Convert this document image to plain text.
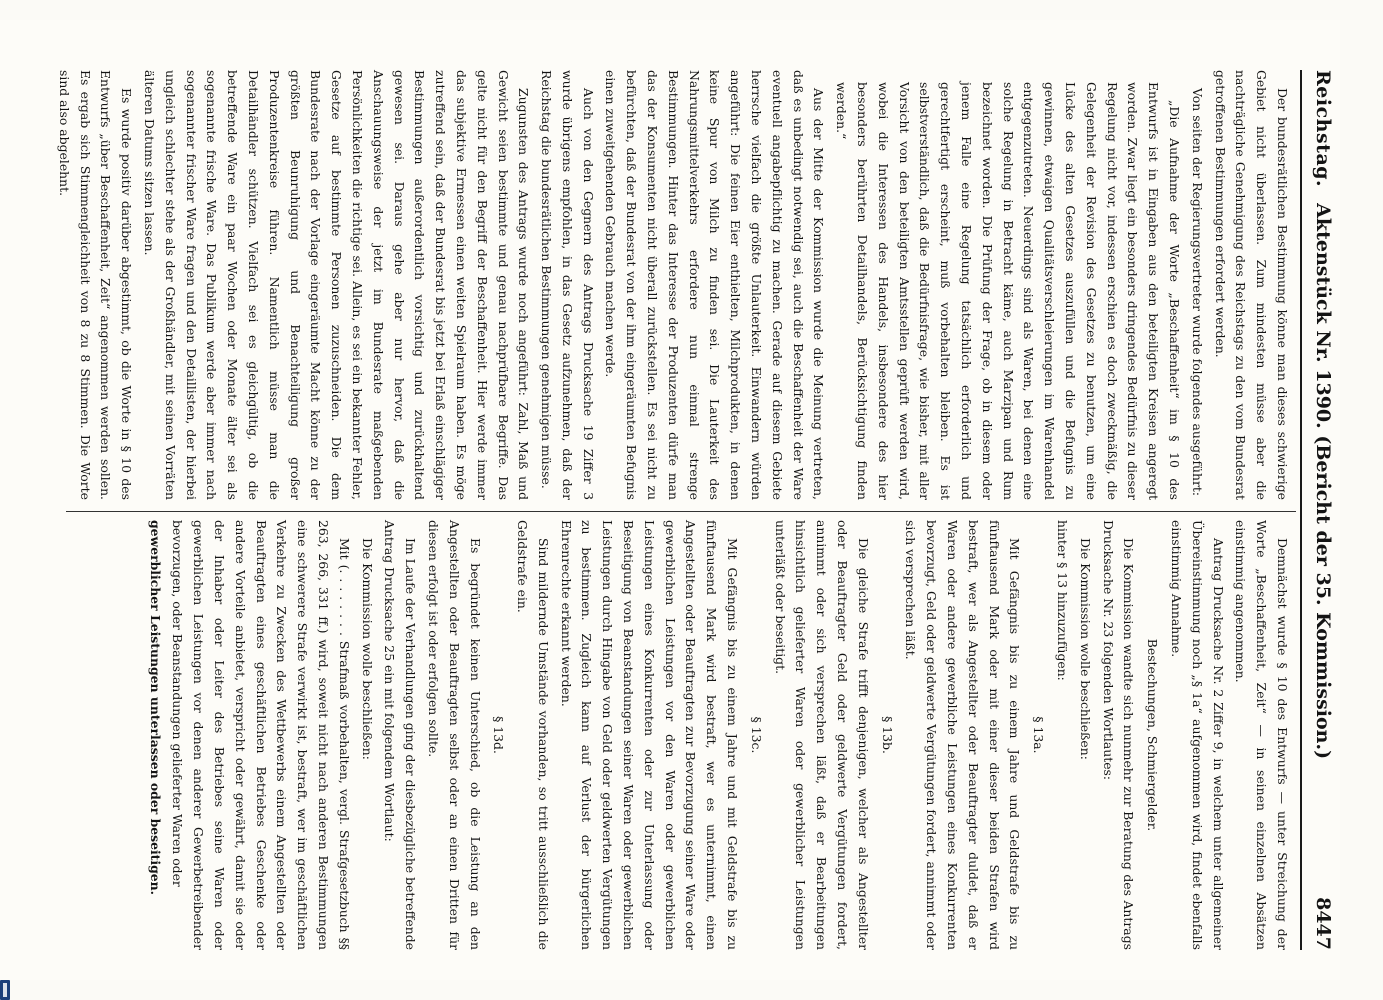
Reichstag.
Aktenstück Nr. 1390. (Bericht der 35. Kommission.)
8447

Der bundesrätlichen Bestimmung könne man dieses schwierige Gebiet nicht überlassen. Zum mindesten müsse aber die nachträgliche Genehmigung des Reichstags zu den vom Bundesrat getroffenen Bestimmungen erfordert werden.

Von seiten der Regierungsvertreter wurde folgendes ausgeführt:

„Die Aufnahme der Worte „Beschaffenheit“ im § 10 des Entwurfs ist in Eingaben aus den beteiligten Kreisen angeregt worden. Zwar liegt ein besonders dringendes Bedürfnis zu dieser Regelung nicht vor, indessen erschien es doch zweckmäßig, die Gelegenheit der Revision des Gesetzes zu benutzen, um eine Lücke des alten Gesetzes auszufüllen und die Befugnis zu gewinnen, etwaigen Qualitätsverschleierungen im Warenhandel entgegenzutreten. Neuerdings sind als Waren, bei denen eine solche Regelung in Betracht käme, auch Marzipan und Rum bezeichnet worden. Die Prüfung der Frage, ob in diesem oder jenem Falle eine Regelung tatsächlich erforderlich und gerechtfertigt erscheint, muß vorbehalten bleiben. Es ist selbstverständlich, daß die Bedürfnisfrage, wie bisher, mit aller Vorsicht von den beteiligten Amtsstellen geprüft werden wird, wobei die Interessen des Handels, insbesondere des hier besonders berührten Detailhandels, Berücksichtigung finden werden.“

Aus der Mitte der Kommission wurde die Meinung vertreten, daß es unbedingt notwendig sei, auch die Beschaffenheit der Ware eventuell angabepflichtig zu machen. Gerade auf diesem Gebiete herrsche vielfach die größte Unlauterkeit. Einwandern würden angeführt: Die feinen Eier enthielten, Milchprodukten, in denen keine Spur von Milch zu finden sei. Die Lauterkeit des Nahrungsmittelverkehrs erfordere nun einmal strenge Bestimmungen. Hinter das Interesse der Produzenten dürfe man das der Konsumenten nicht überall zurückstellen. Es sei nicht zu befürchten, daß der Bundesrat von der ihm eingeräumten Befugnis einen zuweitgehenden Gebrauch machen werde.

Auch von den Gegnern des Antrags Drucksache 19 Ziffer 3 wurde übrigens empfohlen, in das Gesetz aufzunehmen, daß der Reichstag die bundesrätlichen Bestimmungen genehmigen müsse.

Zugunsten des Antrags wurde noch angeführt: Zahl, Maß und Gewicht seien bestimmte und genau nachprüfbare Begriffe. Das gelte nicht für den Begriff der Beschaffenheit. Hier werde immer das subjektive Ermessen einen weiten Spielraum haben. Es möge zutreffend sein, daß der Bundesrat bis jetzt bei Erlaß einschlägiger Bestimmungen außerordentlich vorsichtig und zurückhaltend gewesen sei. Daraus gehe aber nur hervor, daß die Anschauungsweise der jetzt im Bundesrate maßgebenden Persönlichkeiten die richtige sei. Allein, es sei ein bekannter Fehler, Gesetze auf bestimmte Personen zuzuschneiden. Die dem Bundesrate nach der Vorlage eingeräumte Macht könne zu der größten Beunruhigung und Benachteiligung großer Produzentenkreise führen. Namentlich müsse man die Detailhändler schützen. Vielfach sei es gleichgültig, ob die betreffende Ware ein paar Wochen oder Monate älter sei als sogenannte frische Ware. Das Publikum werde aber immer nach sogenannter frischer Ware fragen und den Detaillisten, der hierbei ungleich schlechter stehe als der Großhändler, mit seinen Vorräten älteren Datums sitzen lassen.

Es wurde positiv darüber abgestimmt, ob die Worte in § 10 des Entwurfs „über Beschaffenheit, Zeit“ angenommen werden sollen. Es ergab sich Stimmengleichheit von 8 zu 8 Stimmen. Die Worte sind also abgelehnt.

Demnächst wurde § 10 des Entwurfs — unter Streichung der Worte „Beschaffenheit, Zeit“ — in seinen einzelnen Absätzen einstimmig angenommen.

Antrag Drucksache Nr. 2 Ziffer 9, in welchem unter allgemeiner Übereinstimmung noch „§ 1a“ aufgenommen wird, findet ebenfalls einstimmig Annahme.

Bestechungen, Schmiergelder.

Die Kommission wandte sich nunmehr zur Beratung des Antrags Drucksache Nr. 23 folgenden Wortlautes:

Die Kommission wolle beschließen:

hinter § 13 hinzuzufügen:

§ 13a.

Mit Gefängnis bis zu einem Jahre und Geldstrafe bis zu fünftausend Mark oder mit einer dieser beiden Strafen wird bestraft, wer als Angestellter oder Beauftragter duldet, daß er Waren oder andere gewerbliche Leistungen eines Konkurrenten bevorzugt, Geld oder geldwerte Vergütungen fordert, annimmt oder sich versprechen läßt.

§ 13b.

Die gleiche Strafe trifft denjenigen, welcher als Angestellter oder Beauftragter Geld oder geldwerte Vergütungen fordert, annimmt oder sich versprechen läßt, daß er Bearbeitungen hinsichtlich gelieferter Waren oder gewerblicher Leistungen unterläßt oder beseitigt.

§ 13c.

Mit Gefängnis bis zu einem Jahre und mit Geldstrafe bis zu fünftausend Mark wird bestraft, wer es unternimmt, einen Angestellten oder Beauftragten zur Bevorzugung seiner Ware oder gewerblichen Leistungen vor den Waren oder gewerblichen Leistungen eines Konkurrenten oder zur Unterlassung oder Beseitigung von Beanstandungen seiner Waren oder gewerblichen Leistungen durch Hingabe von Geld oder geldwerten Vergütungen zu bestimmen. Zugleich kann auf Verlust der bürgerlichen Ehrenrechte erkannt werden.

Sind mildernde Umstände vorhanden, so tritt ausschließlich die Geldstrafe ein.

§ 13d.

Es begründet keinen Unterschied, ob die Leistung an den Angestellten oder Beauftragten selbst oder an einen Dritten für diesen erfolgt ist oder erfolgen sollte.

Im Laufe der Verhandlungen ging der diesbezügliche betreffende Antrag Drucksache 25 ein mit folgendem Wortlaut:

Die Kommission wolle beschließen:

Mit (. . . . . . . . Strafmaß vorbehalten, vergl. Strafgesetzbuch §§ 263, 266, 331 ff.) wird, soweit nicht nach anderen Bestimmungen eine schwerere Strafe verwirkt ist, bestraft, wer im geschäftlichen Verkehre zu Zwecken des Wettbewerbs einem Angestellten oder Beauftragten eines geschäftlichen Betriebes Geschenke oder andere Vorteile anbietet, verspricht oder gewährt, damit sie oder der Inhaber oder Leiter des Betriebes seine Waren oder gewerblichen Leistungen vor denen anderer Gewerbetreibender bevorzugen, oder Beanstandungen gelieferter Waren oder

gewerblicher Leistungen unterlassen oder beseitigen.
